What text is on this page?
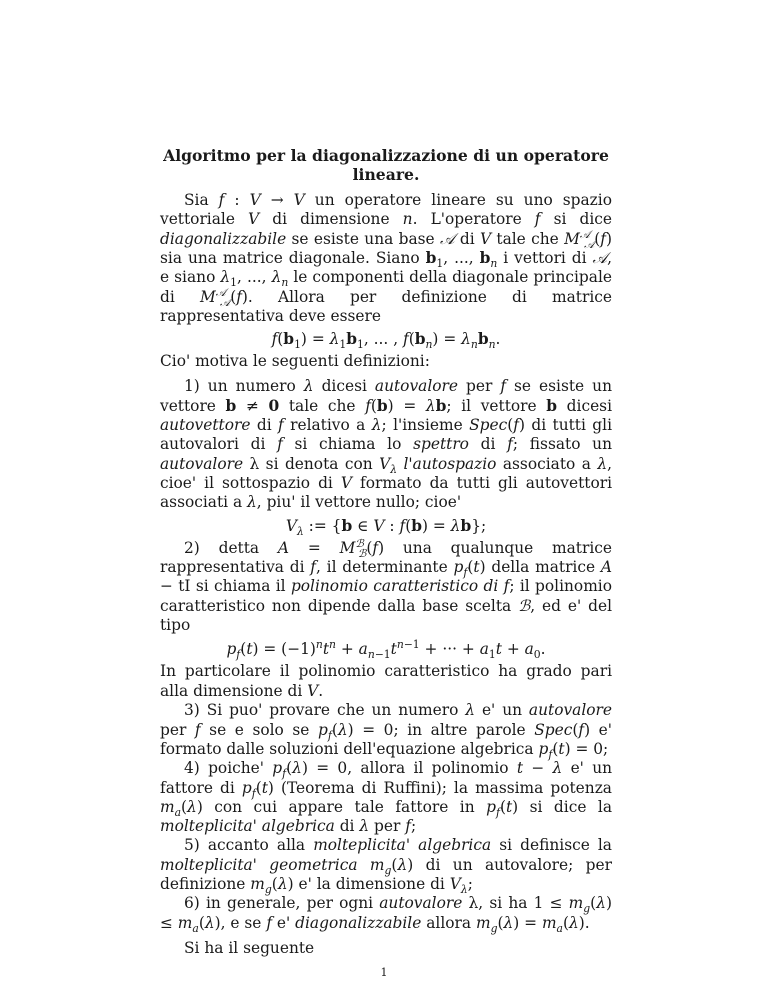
Algoritmo per la diagonalizzazione di un operatore lineare.

Sia f : V → V un operatore lineare su uno spazio vettoriale V di dimensione n. L'operatore f si dice diagonalizzabile se esiste una base 𝒜 di V tale che $M^𝒜_𝒜(f)$ sia una matrice diagonale. Siano $b_1$, ..., $b_n$ i vettori di 𝒜, e siano $\lambda_1$, ..., $\lambda_n$ le componenti della diagonale principale di $M^𝒜_𝒜(f)$. Allora per definizione di matrice rappresentativa deve essere

$f(b_1) = \lambda_1b_1$, ... , $f(b_n) = \lambda_nb_n$.

Cio' motiva le seguenti definizioni:

1) un numero λ dicesi autovalore per f se esiste un vettore b ≠ 0 tale che f(b) = λb; il vettore b dicesi autovettore di f relativo a λ; l'insieme Spec(f) di tutti gli autovalori di f si chiama lo spettro di f; fissato un autovalore λ si denota con $V_\lambda$ l'autospazio associato a λ, cioe' il sottospazio di V formato da tutti gli autovettori associati a λ, piu' il vettore nullo; cioe'

$V_\lambda$ := {b ∈ V : f(b) = λb};

2) detta $A = M^ℬ_ℬ(f)$ una qualunque matrice rappresentativa di f, il determinante $p_f(t)$ della matrice A − tI si chiama il polinomio caratteristico di f; il polinomio caratteristico non dipende dalla base scelta ℬ, ed e' del tipo

$p_f(t) = (-1)^nt^n + a_{n-1}t^{n-1}$ + ··· + $a_1t + a_0$.

In particolare il polinomio caratteristico ha grado pari alla dimensione di V.

3) Si puo' provare che un numero λ e' un autovalore per f se e solo se $p_f(\lambda) = 0$; in altre parole Spec(f) e' formato dalle soluzioni dell'equazione algebrica $p_f(t) = 0$;

4) poiche' $p_f(\lambda) = 0$, allora il polinomio t − λ e' un fattore di $p_f(t)$ (Teorema di Ruffini); la massima potenza $m_a(\lambda)$ con cui appare tale fattore in $p_f(t)$ si dice la molteplicita' algebrica di λ per f;

5) accanto alla molteplicita' algebrica si definisce la molteplicita' geometrica $m_g(\lambda)$ di un autovalore; per definizione $m_g(\lambda)$ e' la dimensione di $V_\lambda$;

6) in generale, per ogni autovalore λ, si ha $1 \le m_g(\lambda) \le m_a(\lambda)$, e se f e' diagonalizzabile allora $m_g(\lambda) = m_a(\lambda)$.

Si ha il seguente

1
